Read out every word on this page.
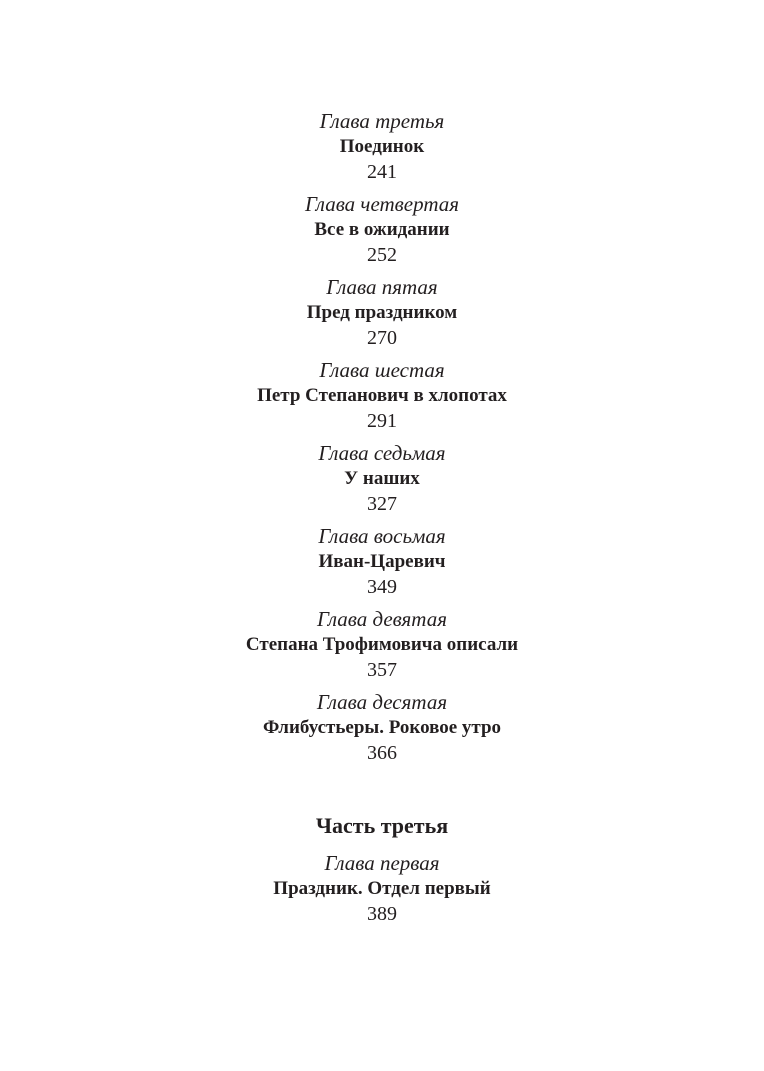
Глава третья
Поединок
241
Глава четвертая
Все в ожидании
252
Глава пятая
Пред праздником
270
Глава шестая
Петр Степанович в хлопотах
291
Глава седьмая
У наших
327
Глава восьмая
Иван-Царевич
349
Глава девятая
Степана Трофимовича описали
357
Глава десятая
Флибустьеры. Роковое утро
366
Часть третья
Глава первая
Праздник. Отдел первый
389
